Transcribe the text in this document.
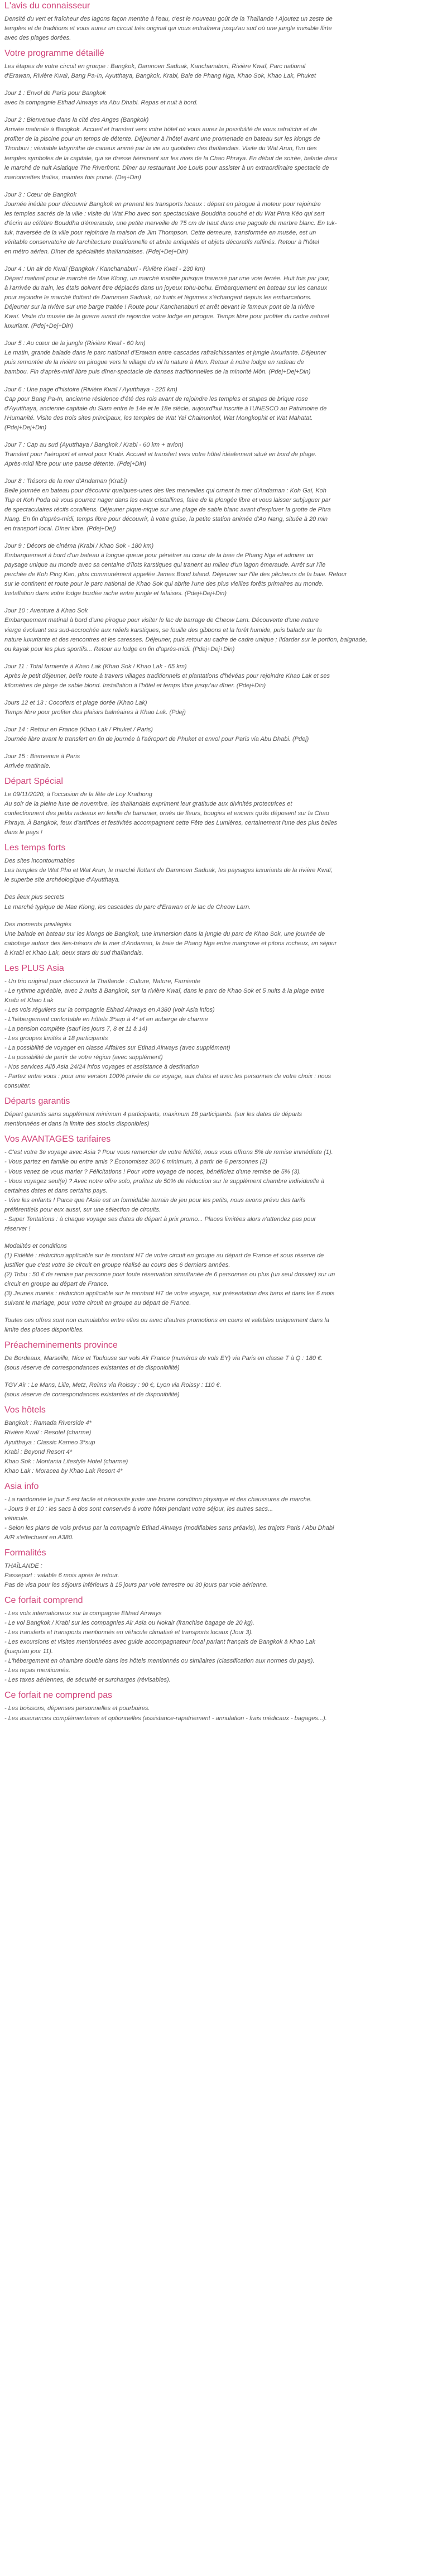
L'avis du connaisseur

Densité du vert et fraîcheur des lagons façon menthe à l'eau, c'est le nouveau goût de la Thaïlande ! Ajoutez un zeste de

temples et de traditions et vous aurez un circuit très original qui vous entraînera jusqu'au sud où une jungle invisible flirte

avec des plages dorées.

Votre programme détaillé

Les étapes de votre circuit en groupe : Bangkok, Damnoen Saduak, Kanchanaburi, Rivière Kwaï, Parc national

d'Erawan, Rivière Kwaï, Bang Pa-In, Ayutthaya, Bangkok, Krabi, Baie de Phang Nga, Khao Sok, Khao Lak, Phuket

Jour 1 : Envol de Paris pour Bangkok

avec la compagnie Etihad Airways via Abu Dhabi. Repas et nuit à bord.

Jour 2 : Bienvenue dans la cité des Anges (Bangkok)

Arrivée matinale à Bangkok. Accueil et transfert vers votre hôtel où vous aurez la possibilité de vous rafraîchir et de

profiter de la piscine pour un temps de détente. Déjeuner à l'hôtel avant une promenade en bateau sur les klongs de

Thonburi ; véritable labyrinthe de canaux animé par la vie au quotidien des thaïlandais. Visite du Wat Arun, l'un des

temples symboles de la capitale, qui se dresse fièrement sur les rives de la Chao Phraya. En début de soirée, balade dans

le marché de nuit Asiatique The Riverfront. Dîner au restaurant Joe Louis pour assister à un extraordinaire spectacle de

marionnettes thaïes, maintes fois primé. (Dej+Din)

Jour 3 : Cœur de Bangkok

Journée inédite pour découvrir Bangkok en prenant les transports locaux : départ en pirogue à moteur pour rejoindre

les temples sacrés de la ville : visite du Wat Pho avec son spectaculaire Bouddha couché et du Wat Phra Kéo qui sert

d'écrin au célèbre Bouddha d'émeraude, une petite merveille de 75 cm de haut dans une pagode de marbre blanc. En tuk-

tuk, traversée de la ville pour rejoindre la maison de Jim Thompson. Cette demeure, transformée en musée, est un

véritable conservatoire de l'architecture traditionnelle et abrite antiquités et objets décoratifs raffinés. Retour à l'hôtel

en métro aérien. Dîner de spécialités thaïlandaises. (Pdej+Dej+Din)

Jour 4 : Un air de Kwaï (Bangkok / Kanchanaburi - Rivière Kwaï - 230 km)

Départ matinal pour le marché de Mae Klong, un marché insolite puisque traversé par une voie ferrée. Huit fois par jour,

à l'arrivée du train, les étals doivent être déplacés dans un joyeux tohu-bohu. Embarquement en bateau sur les canaux

pour rejoindre le marché flottant de Damnoen Saduak, où fruits et légumes s'échangent depuis les embarcations.

Déjeuner sur la rivière sur une barge traitée ! Route pour Kanchanaburi et arrêt devant le fameux pont de la rivière

Kwaï. Visite du musée de la guerre avant de rejoindre votre lodge en pirogue. Temps libre pour profiter du cadre naturel

luxuriant. (Pdej+Dej+Din)

Jour 5 : Au cœur de la jungle (Rivière Kwaï - 60 km)

Le matin, grande balade dans le parc national d'Erawan entre cascades rafraîchissantes et jungle luxuriante. Déjeuner

puis remontée de la rivière en pirogue vers le village du vil la nature à Mon. Retour à notre lodge en radeau de

bambou. Fin d'après-midi libre puis dîner-spectacle de danses traditionnelles de la minorité Môn. (Pdej+Dej+Din)

Jour 6 : Une page d'histoire (Rivière Kwaï / Ayutthaya - 225 km)

Cap pour Bang Pa-In, ancienne résidence d'été des rois avant de rejoindre les temples et stupas de brique rose

d'Ayutthaya, ancienne capitale du Siam entre le 14e et le 18e siècle, aujourd'hui inscrite à l'UNESCO au Patrimoine de

l'Humanité. Visite des trois sites principaux, les temples de Wat Yai Chaimonkol, Wat Mongkophit et Wat Mahatat.

(Pdej+Dej+Din)

Jour 7 : Cap au sud (Ayutthaya / Bangkok / Krabi - 60 km + avion)

Transfert pour l'aéroport et envol pour Krabi. Accueil et transfert vers votre hôtel idéalement situé en bord de plage.

Après-midi libre pour une pause détente. (Pdej+Din)

Jour 8 : Trésors de la mer d'Andaman (Krabi)

Belle journée en bateau pour découvrir quelques-unes des îles merveilles qui ornent la mer d'Andaman : Koh Gai, Koh

Tup et Koh Poda où vous pourrez nager dans les eaux cristallines, faire de la plongée libre et vous laisser subjuguer par

de spectaculaires récifs coralliens. Déjeuner pique-nique sur une plage de sable blanc avant d'explorer la grotte de Phra

Nang. En fin d'après-midi, temps libre pour découvrir, à votre guise, la petite station animée d'Ao Nang, située à 20 min

en transport local. Dîner libre. (Pdej+Dej)

Jour 9 : Décors de cinéma (Krabi / Khao Sok - 180 km)

Embarquement à bord d'un bateau à longue queue pour pénétrer au cœur de la baie de Phang Nga et admirer un

paysage unique au monde avec sa centaine d'îlots karstiques qui tranent au milieu d'un lagon émeraude. Arrêt sur l'île

perchée de Koh Ping Kan, plus communément appelée James Bond Island. Déjeuner sur l'île des pêcheurs de la baie. Retour

sur le continent et route pour le parc national de Khao Sok qui abrite l'une des plus vieilles forêts primaires au monde.

Installation dans votre lodge bordée niche entre jungle et falaises. (Pdej+Dej+Din)

Jour 10 : Aventure à Khao Sok

Embarquement matinal à bord d'une pirogue pour visiter le lac de barrage de Cheow Larn. Découverte d'une nature

vierge évoluant ses sud-accrochée aux reliefs karstiques, se fouille des gibbons et la forêt humide, puis balade sur la

nature luxuriante et des rencontres et les caresses. Déjeuner, puis retour au cadre de cadre unique ; Ildarder sur le portion, baignade,

ou kayak pour les plus sportifs... Retour au lodge en fin d'après-midi. (Pdej+Dej+Din)

Jour 11 : Total farniente à Khao Lak (Khao Sok / Khao Lak - 65 km)

Après le petit déjeuner, belle route à travers villages traditionnels et plantations d'hévéas pour rejoindre Khao Lak et ses

kilomètres de plage de sable blond. Installation à l'hôtel et temps libre jusqu'au dîner. (Pdej+Din)

Jours 12 et 13 : Cocotiers et plage dorée (Khao Lak)

Temps libre pour profiter des plaisirs balnéaires à Khao Lak. (Pdej)

Jour 14 : Retour en France (Khao Lak / Phuket / Paris)

Journée libre avant le transfert en fin de journée à l'aéroport de Phuket et envol pour Paris via Abu Dhabi. (Pdej)

Jour 15 : Bienvenue à Paris

Arrivée matinale.

Départ Spécial

Le 09/11/2020, à l'occasion de la fête de Loy Krathong

Au soir de la pleine lune de novembre, les thaïlandais expriment leur gratitude aux divinités protectrices et

confectionnent des petits radeaux en feuille de bananier, ornés de fleurs, bougies et encens qu'ils déposent sur la Chao

Phraya. À Bangkok, feux d'artifices et festivités accompagnent cette Fête des Lumières, certainement l'une des plus belles

dans le pays !

Les temps forts

Des sites incontournables

Les temples de Wat Pho et Wat Arun, le marché flottant de Damnoen Saduak, les paysages luxuriants de la rivière Kwaï,

le superbe site archéologique d'Ayutthaya.

Des lieux plus secrets

Le marché typique de Mae Klong, les cascades du parc d'Erawan et le lac de Cheow Larn.

Des moments privilégiés

Une balade en bateau sur les klongs de Bangkok, une immersion dans la jungle du parc de Khao Sok, une journée de

cabotage autour des îles-trésors de la mer d'Andaman, la baie de Phang Nga entre mangrove et pitons rocheux, un séjour

à Krabi et Khao Lak, deux stars du sud thaïlandais.

Les PLUS Asia

- Un trio original pour découvrir la Thaïlande : Culture, Nature, Farniente

- Le rythme agréable, avec 2 nuits à Bangkok, sur la rivière Kwaï, dans le parc de Khao Sok et 5 nuits à la plage entre

Krabi et Khao Lak

- Les vols réguliers sur la compagnie Etihad Airways en A380 (voir Asia infos)

- L'hébergement confortable en hôtels 3*sup à 4* et en auberge de charme

- La pension complète (sauf les jours 7, 8 et 11 à 14)

- Les groupes limités à 18 participants

- La possibilité de voyager en classe Affaires sur Etihad Airways (avec supplément)

- La possibilité de partir de votre région (avec supplément)

- Nos services Allô Asia 24/24 infos voyages et assistance à destination

- Partez entre vous : pour une version 100% privée de ce voyage, aux dates et avec les personnes de votre choix : nous

consulter.

Départs garantis

Départ garantis sans supplément minimum 4 participants, maximum 18 participants. (sur les dates de départs

mentionnées et dans la limite des stocks disponibles)

Vos AVANTAGES tarifaires

- C'est votre 3e voyage avec Asia ? Pour vous remercier de votre fidélité, nous vous offrons 5% de remise immédiate (1).

- Vous partez en famille ou entre amis ? Économisez 300 € minimum, à partir de 6 personnes (2)

- Vous venez de vous marier ? Félicitations ! Pour votre voyage de noces, bénéficiez d'une remise de 5% (3).

- Vous voyagez seul(e) ? Avec notre offre solo, profitez de 50% de réduction sur le supplément chambre individuelle à

certaines dates et dans certains pays.

- Vive les enfants ! Parce que l'Asie est un formidable terrain de jeu pour les petits, nous avons prévu des tarifs

préférentiels pour eux aussi, sur une sélection de circuits.

- Super Tentations : à chaque voyage ses dates de départ à prix promo... Places limitées alors n'attendez pas pour

réserver !

Modalités et conditions

(1) Fidélité : réduction applicable sur le montant HT de votre circuit en groupe au départ de France et sous réserve de

justifier que c'est votre 3e circuit en groupe réalisé au cours des 6 derniers années.

(2) Tribu : 50 € de remise par personne pour toute réservation simultanée de 6 personnes ou plus (un seul dossier) sur un

circuit en groupe au départ de France.

(3) Jeunes mariés : réduction applicable sur le montant HT de votre voyage, sur présentation des bans et dans les 6 mois

suivant le mariage, pour votre circuit en groupe au départ de France.

Toutes ces offres sont non cumulables entre elles ou avec d'autres promotions en cours et valables uniquement dans la

limite des places disponibles.

Préacheminements province

De Bordeaux, Marseille, Nice et Toulouse sur vols Air France (numéros de vols EY) via Paris en classe T à Q : 180 €.

(sous réserve de correspondances existantes et de disponibilité)

TGV Air : Le Mans, Lille, Metz, Reims via Roissy : 90 €, Lyon via Roissy : 110 €.

(sous réserve de correspondances existantes et de disponibilité)

Vos hôtels

Bangkok : Ramada Riverside 4*

Rivière Kwaï : Resotel (charme)

Ayutthaya : Classic Kameo 3*sup

Krabi : Beyond Resort 4*

Khao Sok : Montania Lifestyle Hotel (charme)

Khao Lak : Moracea by Khao Lak Resort 4*

Asia info

- La randonnée le jour 5 est facile et nécessite juste une bonne condition physique et des chaussures de marche.

- Jours 9 et 10 : les sacs à dos sont conservés à votre hôtel pendant votre séjour, les autres sacs...

véhicule.

- Selon les plans de vols prévus par la compagnie Etihad Airways (modifiables sans préavis), les trajets Paris / Abu Dhabi

A/R s'effectuent en A380.

Formalités

THAÏLANDE :

Passeport : valable 6 mois après le retour.

Pas de visa pour les séjours inférieurs à 15 jours par voie terrestre ou 30 jours par voie aérienne.

Ce forfait comprend

- Les vols internationaux sur la compagnie Etihad Airways

- Le vol Bangkok / Krabi sur les compagnies Air Asia ou Nokair (franchise bagage de 20 kg).

- Les transferts et transports mentionnés en véhicule climatisé et transports locaux (Jour 3).

- Les excursions et visites mentionnées avec guide accompagnateur local parlant français de Bangkok à Khao Lak

(jusqu'au jour 11).

- L'hébergement en chambre double dans les hôtels mentionnés ou similaires (classification aux normes du pays).

- Les repas mentionnés.

- Les taxes aériennes, de sécurité et surcharges (révisables).

Ce forfait ne comprend pas

- Les boissons, dépenses personnelles et pourboires.

- Les assurances complémentaires et optionnelles (assistance-rapatriement - annulation - frais médicaux - bagages...).
